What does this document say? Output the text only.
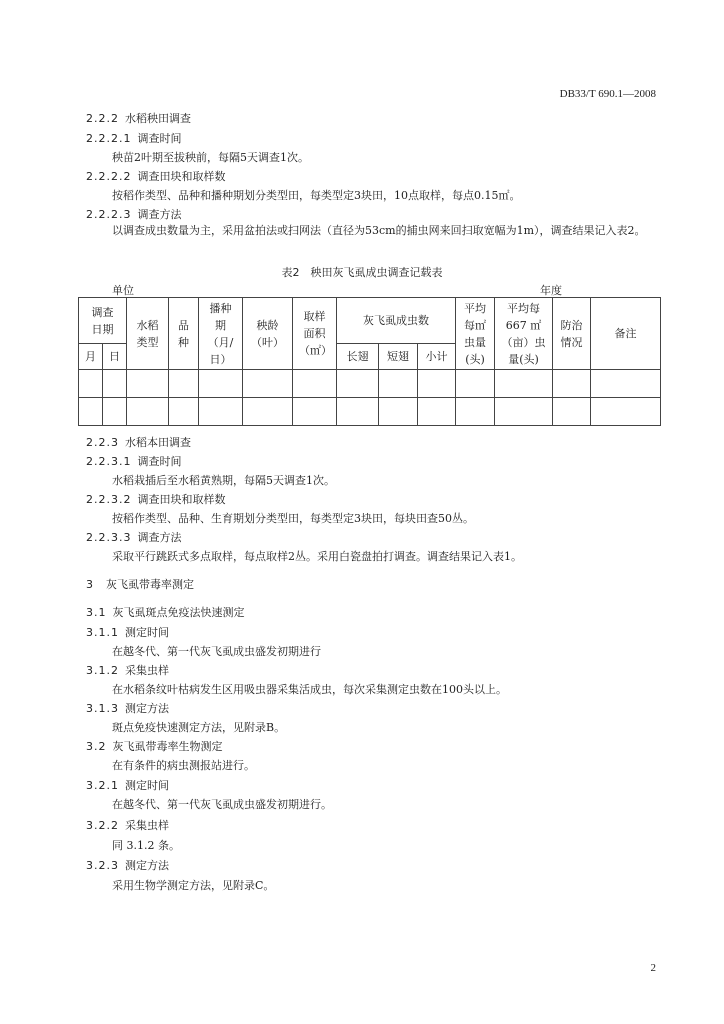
DB33/T 690.1—2008
2.2.2 水稻秧田调查
2.2.2.1 调查时间
秧苗2叶期至拔秧前，每隔5天调查1次。
2.2.2.2 调查田块和取样数
按稻作类型、品种和播种期划分类型田，每类型定3块田，10点取样，每点0.15㎡。
2.2.2.3 调查方法
以调查成虫数量为主，采用盆拍法或扫网法（直径为53cm的捕虫网来回扫取宽幅为1m），调查结果记入表2。
表2　秧田灰飞虱成虫调查记载表
单位	年度
调查日期		水稻类型	品种	播种期（月/日）	秧龄（叶）	取样面积（㎡）	灰飞虱成虫数			平均每㎡虫量(头)	平均每667 ㎡（亩）虫量(头)	防治情况	备注
月	日						长翅	短翅	小计				

2.2.3 水稻本田调查
2.2.3.1 调查时间
水稻栽插后至水稻黄熟期，每隔5天调查1次。
2.2.3.2 调查田块和取样数
按稻作类型、品种、生育期划分类型田，每类型定3块田，每块田查50丛。
2.2.3.3 调查方法
采取平行跳跃式多点取样，每点取样2丛。采用白瓷盘拍打调查。调查结果记入表1。
3 灰飞虱带毒率测定
3.1 灰飞虱斑点免疫法快速测定
3.1.1 测定时间
在越冬代、第一代灰飞虱成虫盛发初期进行
3.1.2 采集虫样
在水稻条纹叶枯病发生区用吸虫器采集活成虫，每次采集测定虫数在100头以上。
3.1.3 测定方法
斑点免疫快速测定方法，见附录B。
3.2 灰飞虱带毒率生物测定
在有条件的病虫测报站进行。
3.2.1 测定时间
在越冬代、第一代灰飞虱成虫盛发初期进行。
3.2.2 采集虫样
同 3.1.2 条。
3.2.3 测定方法
采用生物学测定方法，见附录C。
2
